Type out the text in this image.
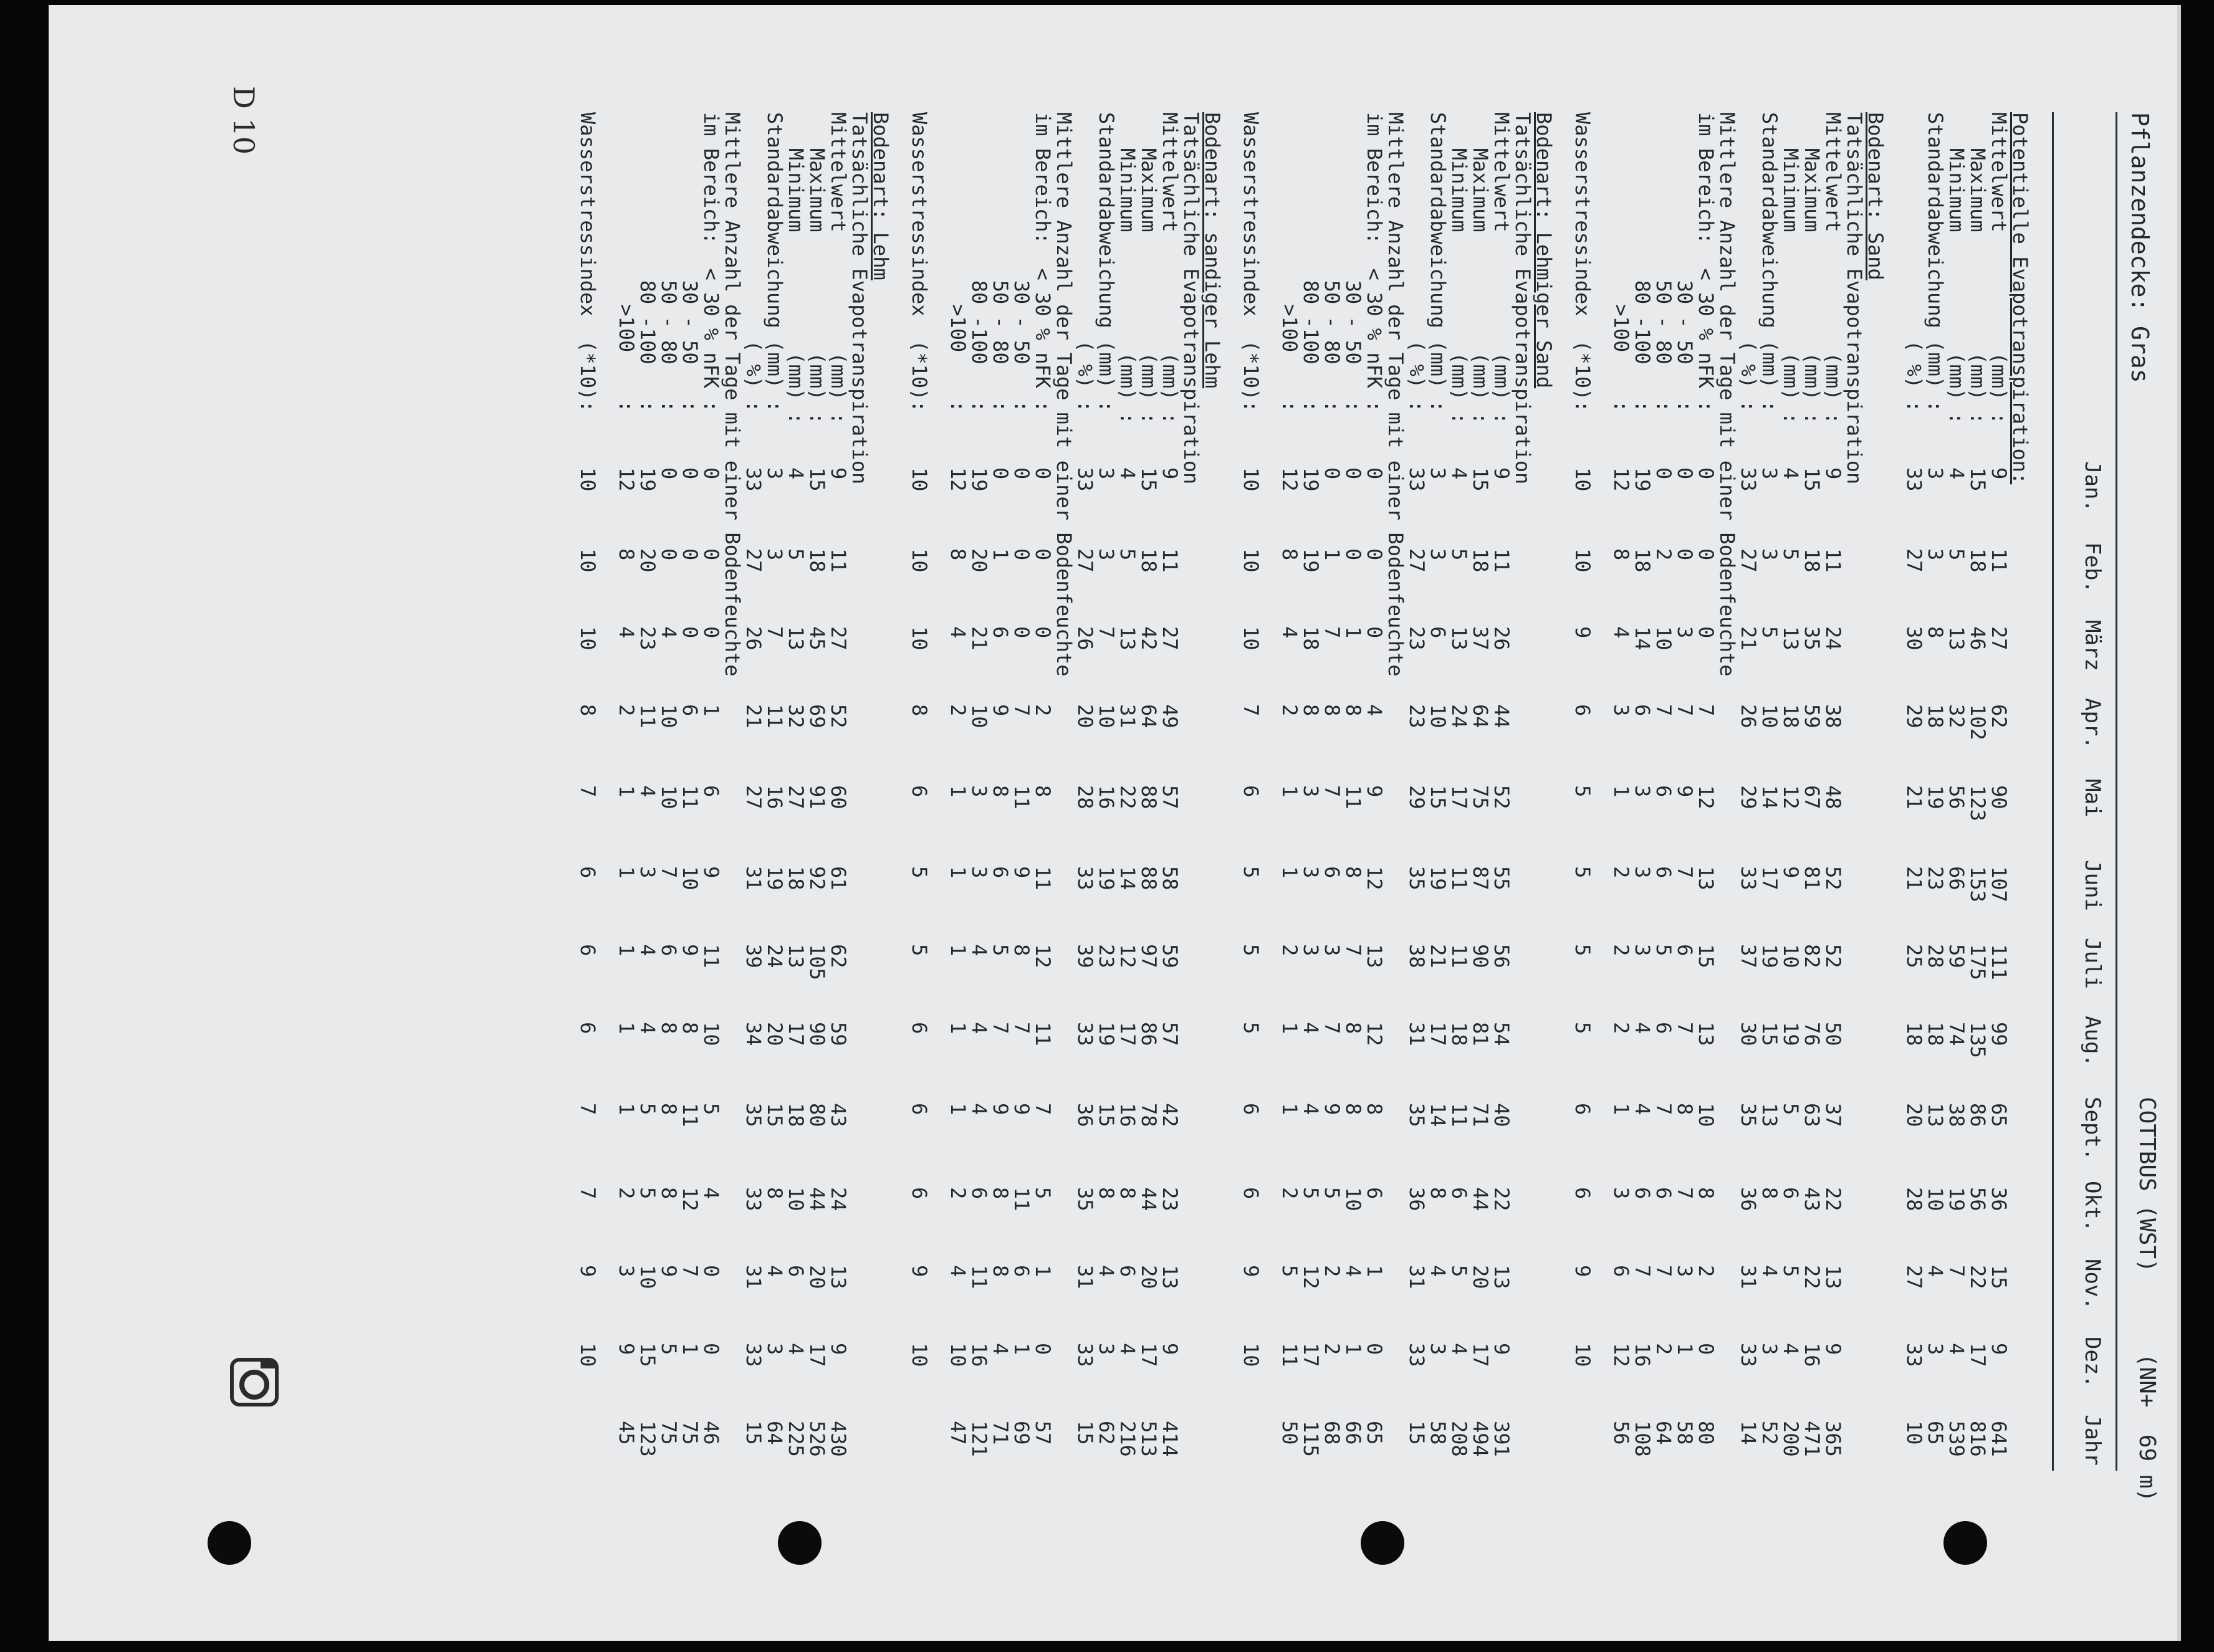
D 10	Pflanzendecke: Gras
COTTBUS (WST)      (NN+  69 m)
Jan.
Feb.
März
Apr.
Mai
Juni
Juli
Aug.
Sept.
Okt.
Nov.
Dez.
Jahr
Potentielle Evapotranspiration:
Mittelwert          (mm) :
9
11
27
62
90
107
111
99
65
36
15
9
641
Maximum          (mm) :
15
18
46
102
123
153
175
135
86
56
22
17
816
Minimum          (mm) :
4
5
13
32
56
66
59
74
38
19
7
4
539
Standardabweichung (mm) :
3
3
8
18
19
23
28
18
13
10
4
3
65
( %) :
33
27
30
29
21
21
25
18
20
28
27
33
10
Bodenart: Sand
Tatsächliche Evapotranspiration
Mittelwert          (mm) :
9
11
24
38
48
52
52
50
37
22
13
9
365
Maximum          (mm) :
15
18
35
59
67
81
82
76
63
43
22
16
471
Minimum          (mm) :
4
5
13
18
12
9
10
19
5
6
5
4
200
Standardabweichung (mm) :
3
3
5
10
14
17
19
15
13
8
4
3
52
( %) :
33
27
21
26
29
33
37
30
35
36
31
33
14
Mittlere Anzahl der Tage mit einer Bodenfeuchte
im Bereich:  < 30 % nFK :
0
0
0
7
12
13
15
13
10
8
2
0
80
30 - 50   :
0
0
3
7
9
7
6
7
8
7
3
1
58
50 - 80   :
0
2
10
7
6
6
5
6
7
6
7
2
64
80 -100   :
19
18
14
6
3
3
3
4
4
6
7
16
108
>100    :
12
8
4
3
1
2
2
2
1
3
6
12
56
Wasserstressindex  (*10):
10
10
9
6
5
5
5
5
6
6
9
10
Bodenart: Lehmiger Sand
Tatsächliche Evapotranspiration
Mittelwert          (mm) :
9
11
26
44
52
55
56
54
40
22
13
9
391
Maximum          (mm) :
15
18
37
64
75
87
90
81
71
44
20
17
494
Minimum          (mm) :
4
5
13
24
17
11
11
18
11
6
5
4
208
Standardabweichung (mm) :
3
3
6
10
15
19
21
17
14
8
4
3
58
( %) :
33
27
23
23
29
35
38
31
35
36
31
33
15
Mittlere Anzahl der Tage mit einer Bodenfeuchte
im Bereich:  < 30 % nFK :
0
0
0
4
9
12
13
12
8
6
1
0
65
30 - 50   :
0
0
1
8
11
8
7
8
8
10
4
1
66
50 - 80   :
0
1
7
8
7
6
3
7
9
5
2
2
68
80 -100   :
19
19
18
8
3
3
3
4
4
5
12
17
115
>100    :
12
8
4
2
1
1
2
1
1
2
5
11
50
Wasserstressindex  (*10):
10
10
10
7
6
5
5
5
6
6
9
10
Bodenart: sandiger Lehm
Tatsächliche Evapotranspiration
Mittelwert          (mm) :
9
11
27
49
57
58
59
57
42
23
13
9
414
Maximum          (mm) :
15
18
42
64
88
88
97
86
78
44
20
17
513
Minimum          (mm) :
4
5
13
31
22
14
12
17
16
8
6
4
216
Standardabweichung (mm) :
3
3
7
10
16
19
23
19
15
8
4
3
62
( %) :
33
27
26
20
28
33
39
33
36
35
31
33
15
Mittlere Anzahl der Tage mit einer Bodenfeuchte
im Bereich:  < 30 % nFK :
0
0
0
2
8
11
12
11
7
5
1
0
57
30 - 50   :
0
0
0
7
11
9
8
7
9
11
6
1
69
50 - 80   :
0
1
6
9
8
6
5
7
9
8
8
4
71
80 -100   :
19
20
21
10
3
3
4
4
4
6
11
16
121
>100    :
12
8
4
2
1
1
1
1
1
2
4
10
47
Wasserstressindex  (*10):
10
10
10
8
6
5
5
6
6
6
9
10
Bodenart: Lehm
Tatsächliche Evapotranspiration
Mittelwert          (mm) :
9
11
27
52
60
61
62
59
43
24
13
9
430
Maximum          (mm) :
15
18
45
69
91
92
105
90
80
44
20
17
526
Minimum          (mm) :
4
5
13
32
27
18
13
17
18
10
6
4
225
Standardabweichung (mm) :
3
3
7
11
16
19
24
20
15
8
4
3
64
( %) :
33
27
26
21
27
31
39
34
35
33
31
33
15
Mittlere Anzahl der Tage mit einer Bodenfeuchte
im Bereich:  < 30 % nFK :
0
0
0
1
6
9
11
10
5
4
0
0
46
30 - 50   :
0
0
0
6
11
10
9
8
11
12
7
1
75
50 - 80   :
0
0
4
10
10
7
6
8
8
8
9
5
75
80 -100   :
19
20
23
11
4
3
4
4
5
5
10
15
123
>100    :
12
8
4
2
1
1
1
1
1
2
3
9
45
Wasserstressindex  (*10):
10
10
10
8
7
6
6
6
7
7
9
10
